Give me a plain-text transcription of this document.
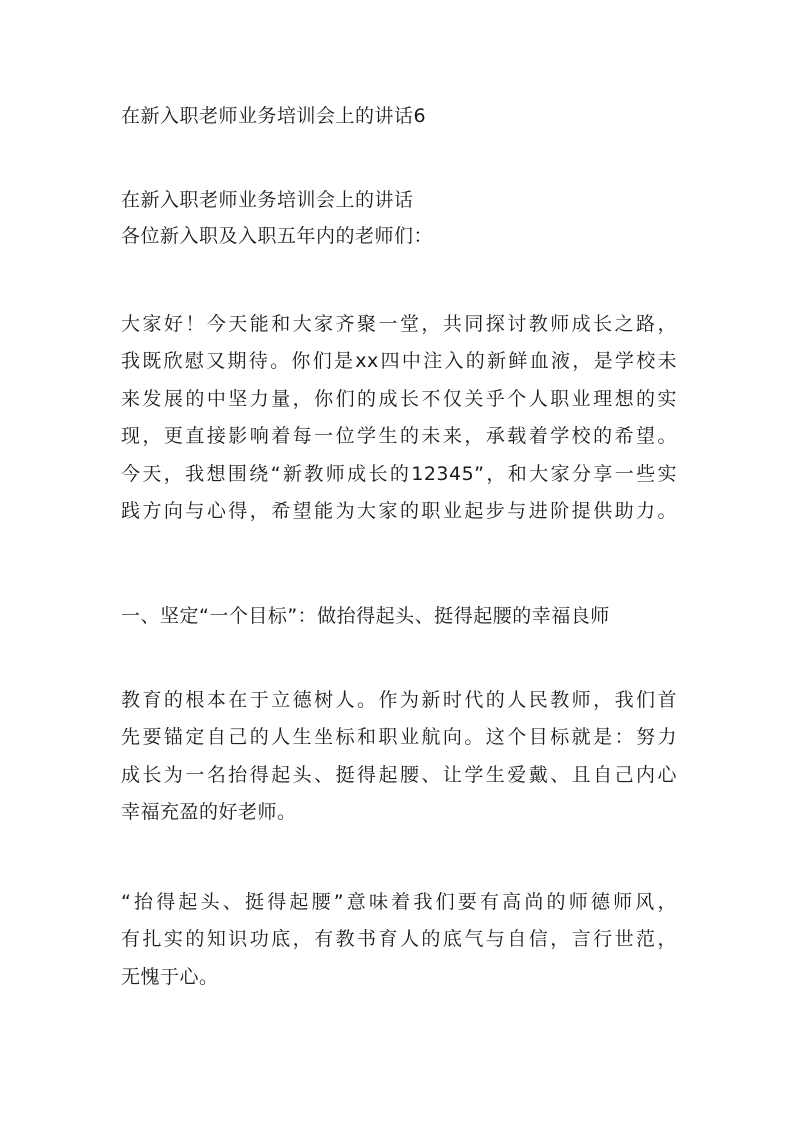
在新入职老师业务培训会上的讲话6

在新入职老师业务培训会上的讲话

各位新入职及入职五年内的老师们：

大家好！今天能和大家齐聚一堂，共同探讨教师成长之路，
我既欣慰又期待。你们是xx四中注入的新鲜血液，是学校未
来发展的中坚力量，你们的成长不仅关乎个人职业理想的实
现，更直接影响着每一位学生的未来，承载着学校的希望。
今天，我想围绕“新教师成长的12345”，和大家分享一些实
践方向与心得，希望能为大家的职业起步与进阶提供助力。

一、坚定“一个目标”：做抬得起头、挺得起腰的幸福良师

教育的根本在于立德树人。作为新时代的人民教师，我们首
先要锚定自己的人生坐标和职业航向。这个目标就是：努力
成长为一名抬得起头、挺得起腰、让学生爱戴、且自己内心
幸福充盈的好老师。

“抬得起头、挺得起腰”意味着我们要有高尚的师德师风，
有扎实的知识功底，有教书育人的底气与自信，言行世范，
无愧于心。
